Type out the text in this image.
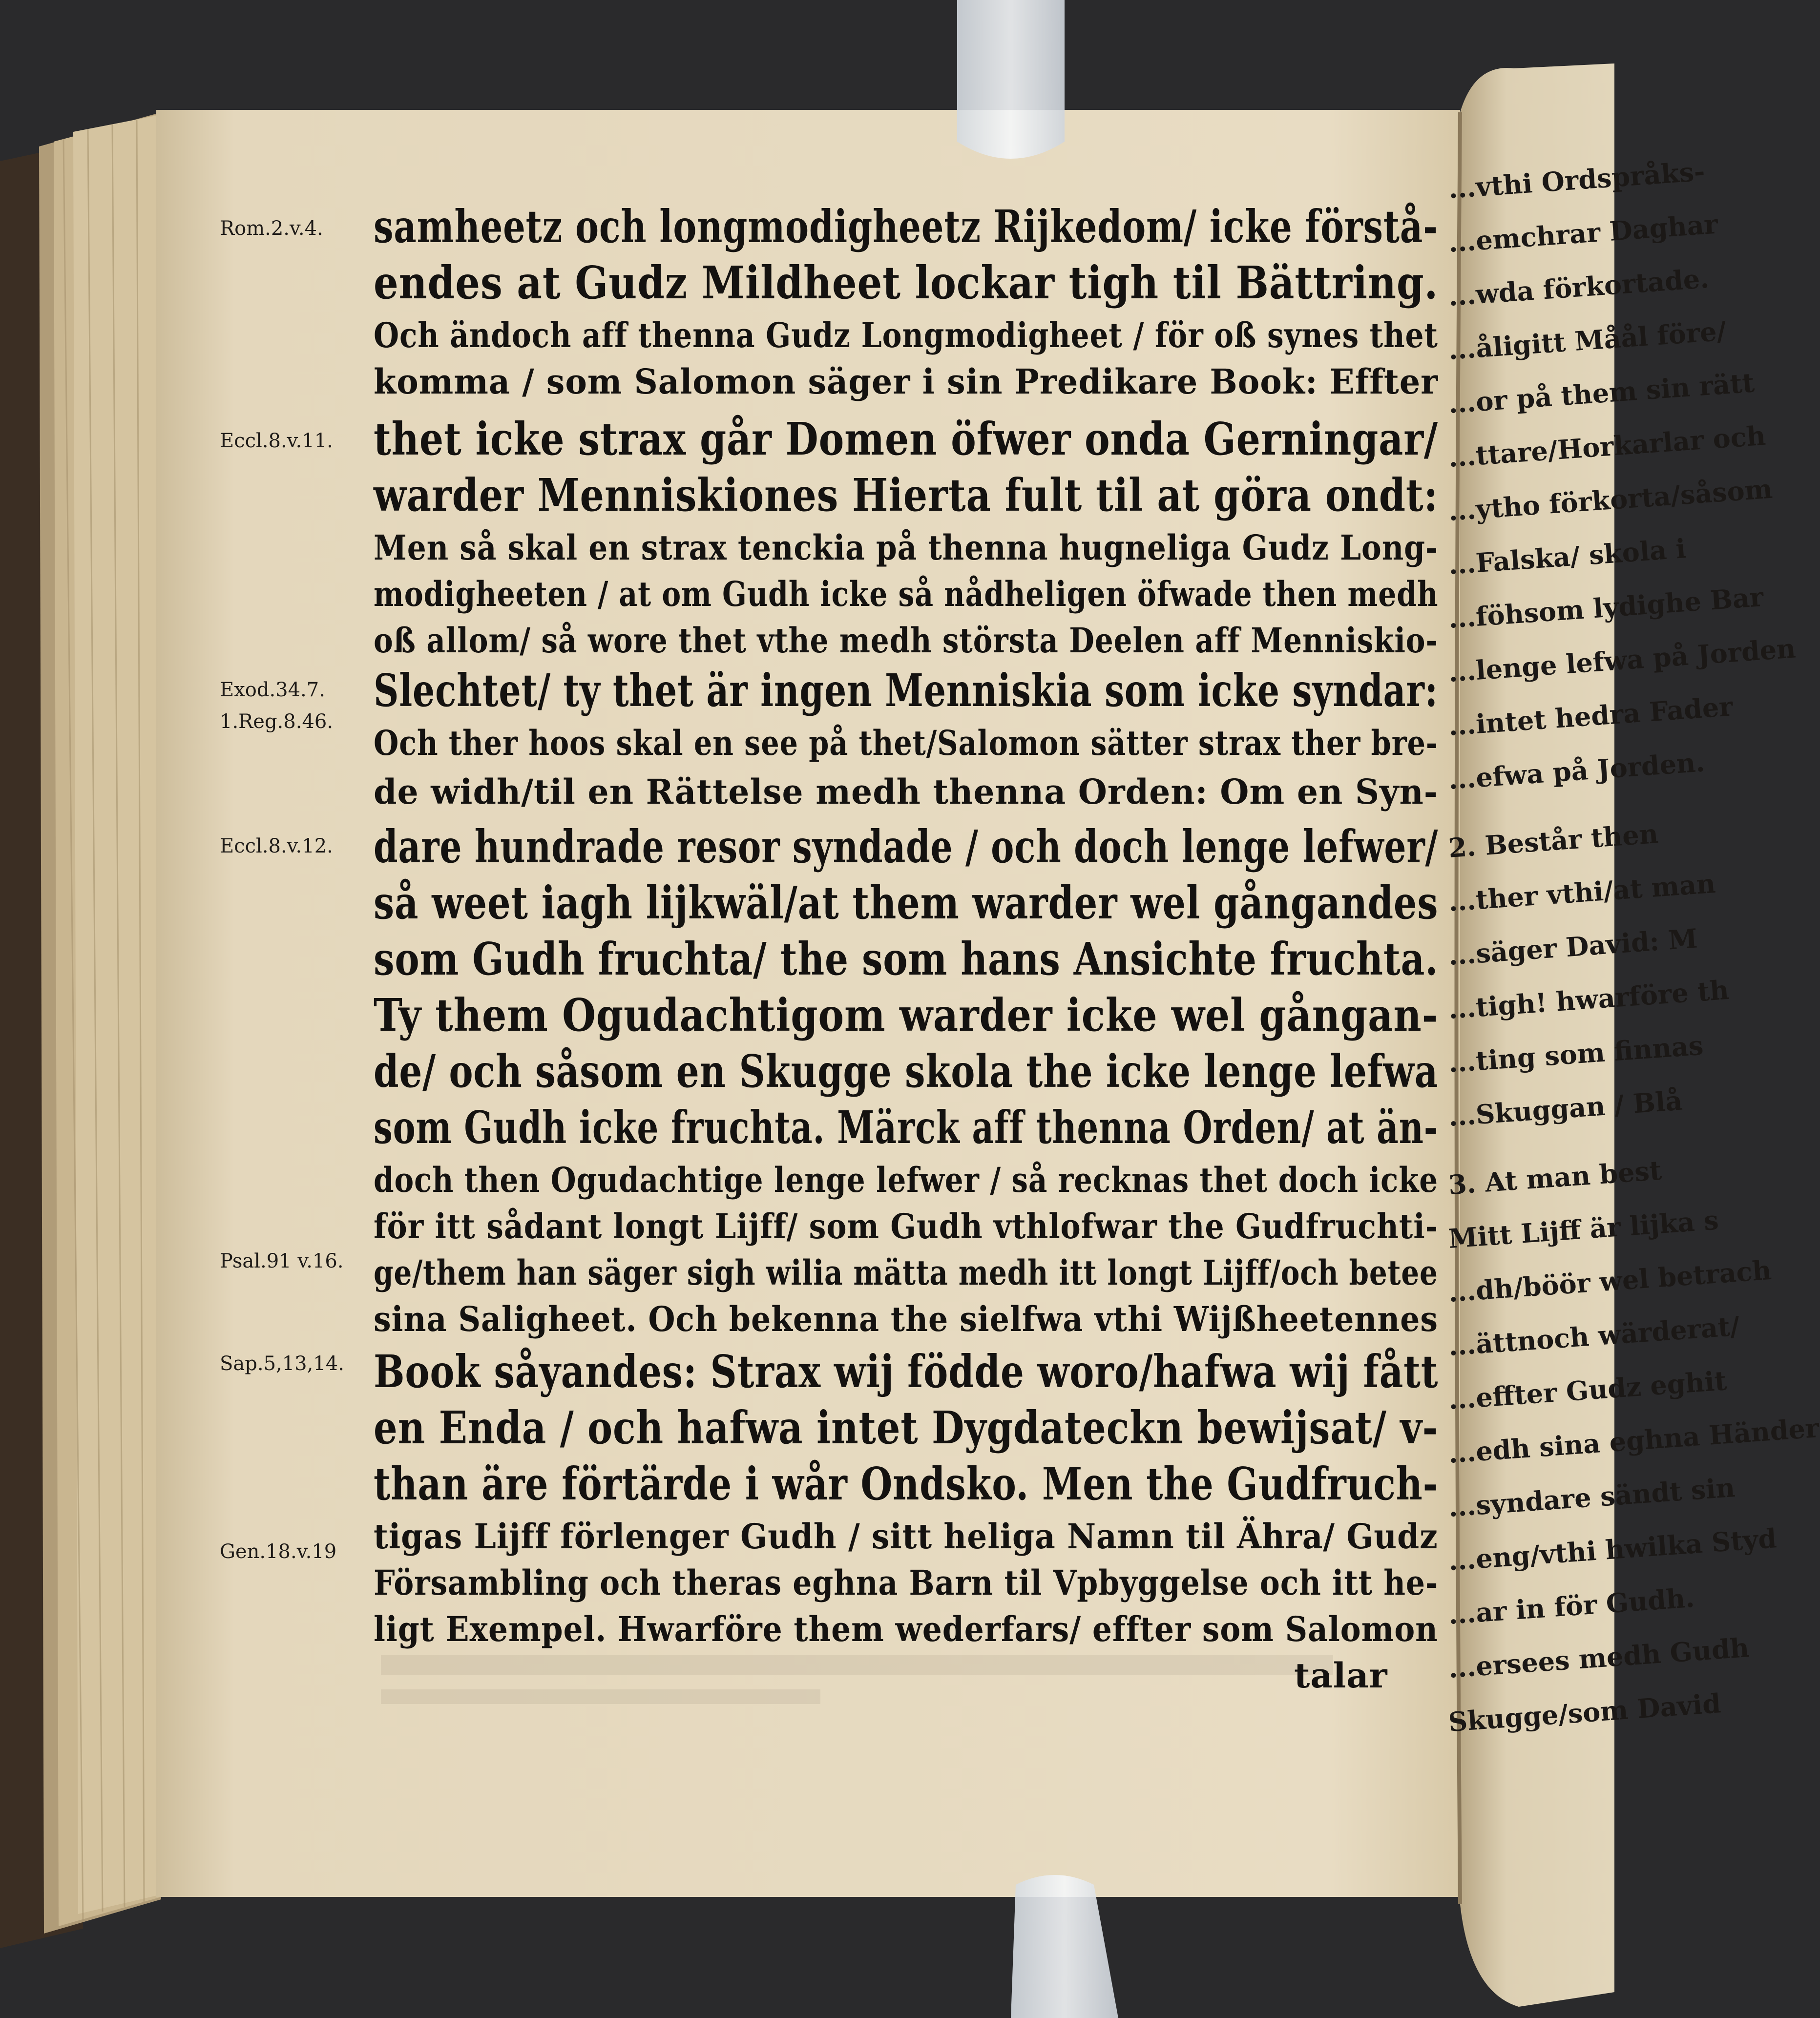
Rom.2.v.4.
Eccl.8.v.11.
Exod.34.7.
1.Reg.8.46.
Eccl.8.v.12.
Psal.91 v.16.
Sap.5,13,14.
Gen.18.v.19
samheetz och longmodigheetz Rijkedom/ icke förstå-
endes at Gudz Mildheet lockar tigh til Bättring.
Och ändoch aff thenna Gudz Longmodigheet / för oß synes thet
komma / som Salomon säger i sin Predikare Book: Effter
thet icke strax går Domen öfwer onda Gerningar/
warder Menniskiones Hierta fult til at göra ondt:
Men så skal en strax tenckia på thenna hugneliga Gudz Long-
modigheeten / at om Gudh icke så nådheligen öfwade then medh
oß allom/ så wore thet vthe medh största Deelen aff Menniskio-
Slechtet/ ty thet är ingen Menniskia som icke syndar:
Och ther hoos skal en see på thet/Salomon sätter strax ther bre-
de widh/til en Rättelse medh thenna Orden: Om en Syn-
dare hundrade resor syndade / och doch lenge lefwer/
så weet iagh lijkwäl/at them warder wel gångandes
som Gudh fruchta/ the som hans Ansichte fruchta.
Ty them Ogudachtigom warder icke wel gångan-
de/ och såsom en Skugge skola the icke lenge lefwa
som Gudh icke fruchta. Märck aff thenna Orden/ at än-
doch then Ogudachtige lenge lefwer / så recknas thet doch icke
för itt sådant longt Lijff/ som Gudh vthlofwar the Gudfruchti-
ge/them han säger sigh wilia mätta medh itt longt Lijff/och betee
sina Salighеet. Och bekenna the sielfwa vthi Wijßheetennes
Book såyandes: Strax wij födde woro/hafwa wij fått
en Enda / och hafwa intet Dygdateckn bewijsat/ v-
than äre förtärde i wår Ondsko. Men the Gudfruch-
tigas Lijff förlenger Gudh / sitt heliga Namn til Ähra/ Gudz
Försambling och theras eghna Barn til Vpbyggelse och itt he-
ligt Exempel. Hwarföre them wederfars/ effter som Salomon
talar
...vthi Ordspråks-
...emchrar Daghar
...wda förkortade.
...åligitt Måål före/
...or på them sin rätt
...ttare/Horkarlar och
...ytho förkorta/såsom
...Falska/ skola i
...föhsom lydighe Bar
...lenge lefwa på Jorden
...intet hedra Fader
...efwa på Jorden.
2. Består then
...ther vthi/at man
...säger David: M
...tigh! hwarföre th
...ting som finnas
...Skuggan / Blå
3. At man best
Mitt Lijff är lijka s
...dh/böör wel betrach
...ättnoch wärderat/
...effter Gudz eghit
...edh sina eghna Händer
...syndare sändt sin
...eng/vthi hwilka Styd
...ar in för Gudh.
...ersees medh Gudh
Skugge/som David
